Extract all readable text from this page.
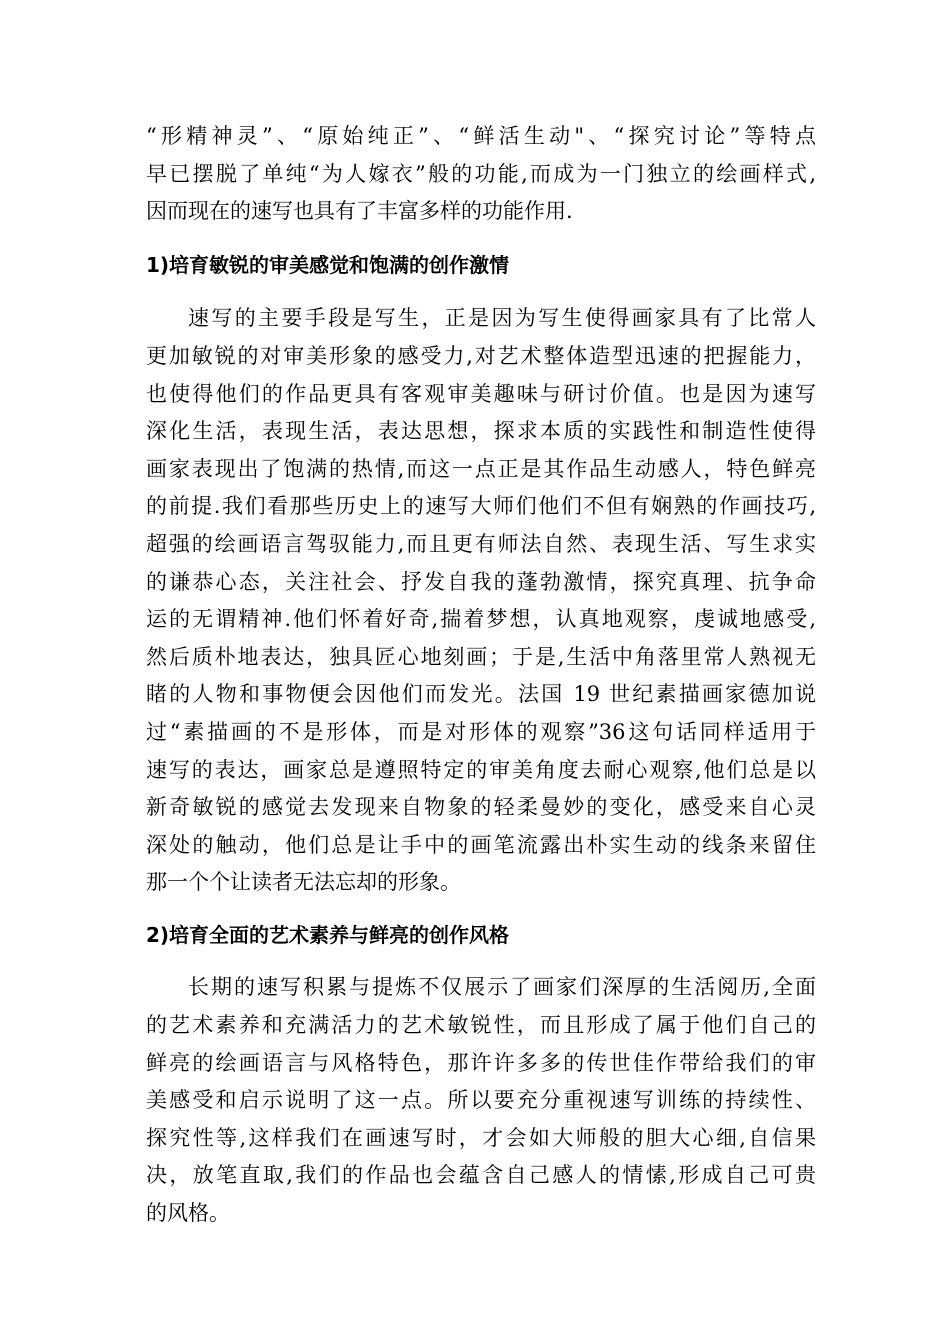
“形精神灵”、“原始纯正”、“鲜活生动"、“探究讨论”等特点
早已摆脱了单纯“为人嫁衣”般的功能,而成为一门独立的绘画样式,
因而现在的速写也具有了丰富多样的功能作用.
1)培育敏锐的审美感觉和饱满的创作激情
速写的主要手段是写生，正是因为写生使得画家具有了比常人
更加敏锐的对审美形象的感受力,对艺术整体造型迅速的把握能力，
也使得他们的作品更具有客观审美趣味与研讨价值。也是因为速写
深化生活，表现生活，表达思想，探求本质的实践性和制造性使得
画家表现出了饱满的热情,而这一点正是其作品生动感人，特色鲜亮
的前提.我们看那些历史上的速写大师们他们不但有娴熟的作画技巧,
超强的绘画语言驾驭能力,而且更有师法自然、表现生活、写生求实
的谦恭心态，关注社会、抒发自我的蓬勃激情，探究真理、抗争命
运的无谓精神.他们怀着好奇,揣着梦想，认真地观察，虔诚地感受,
然后质朴地表达，独具匠心地刻画；于是,生活中角落里常人熟视无
睹的人物和事物便会因他们而发光。法国 19 世纪素描画家德加说
过“素描画的不是形体，而是对形体的观察”36这句话同样适用于
速写的表达，画家总是遵照特定的审美角度去耐心观察,他们总是以
新奇敏锐的感觉去发现来自物象的轻柔曼妙的变化，感受来自心灵
深处的触动，他们总是让手中的画笔流露出朴实生动的线条来留住
那一个个让读者无法忘却的形象。
2)培育全面的艺术素养与鲜亮的创作风格
长期的速写积累与提炼不仅展示了画家们深厚的生活阅历,全面
的艺术素养和充满活力的艺术敏锐性，而且形成了属于他们自己的
鲜亮的绘画语言与风格特色，那许许多多的传世佳作带给我们的审
美感受和启示说明了这一点。所以要充分重视速写训练的持续性、
探究性等,这样我们在画速写时，才会如大师般的胆大心细,自信果
决，放笔直取,我们的作品也会蕴含自己感人的情愫,形成自己可贵
的风格。
